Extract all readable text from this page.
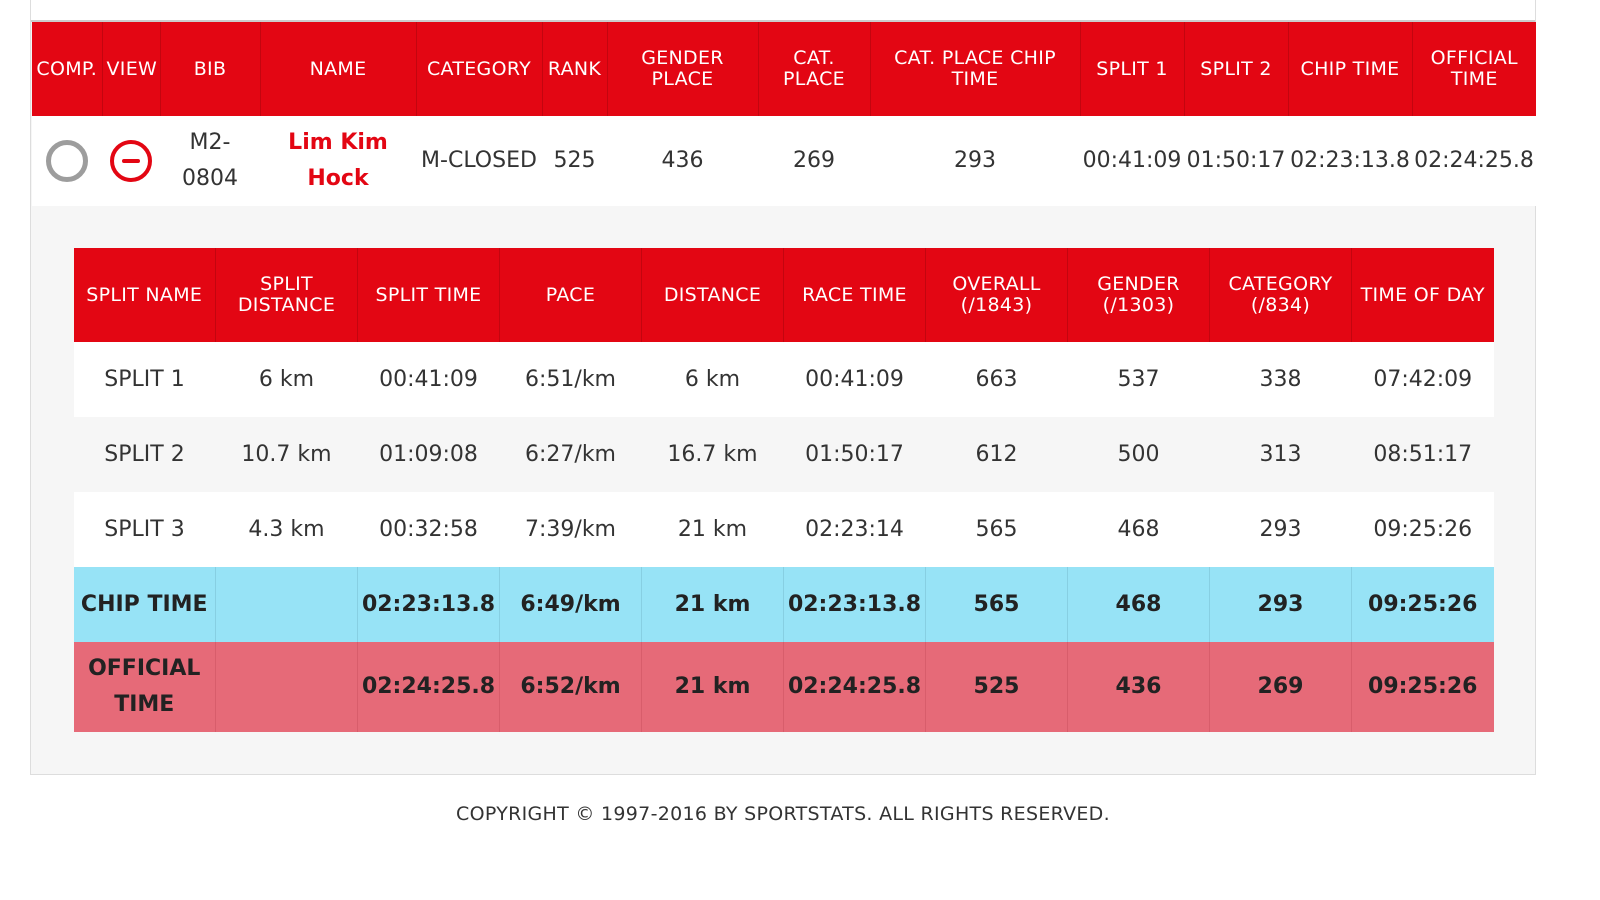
COMP.	VIEW	BIB	NAME	CATEGORY	RANK	GENDER PLACE	CAT. PLACE	CAT. PLACE CHIP TIME	SPLIT 1	SPLIT 2	CHIP TIME	OFFICIAL TIME
		M2-0804	Lim Kim Hock	M-CLOSED	525	436	269	293	00:41:09	01:50:17	02:23:13.8	02:24:25.8
SPLIT NAME	SPLIT DISTANCE	SPLIT TIME	PACE	DISTANCE	RACE TIME	OVERALL (/1843)	GENDER (/1303)	CATEGORY (/834)	TIME OF DAY
SPLIT 1	6 km	00:41:09	6:51/km	6 km	00:41:09	663	537	338	07:42:09
SPLIT 2	10.7 km	01:09:08	6:27/km	16.7 km	01:50:17	612	500	313	08:51:17
SPLIT 3	4.3 km	00:32:58	7:39/km	21 km	02:23:14	565	468	293	09:25:26
CHIP TIME		02:23:13.8	6:49/km	21 km	02:23:13.8	565	468	293	09:25:26
OFFICIAL TIME		02:24:25.8	6:52/km	21 km	02:24:25.8	525	436	269	09:25:26
COPYRIGHT © 1997-2016 BY SPORTSTATS. ALL RIGHTS RESERVED.
